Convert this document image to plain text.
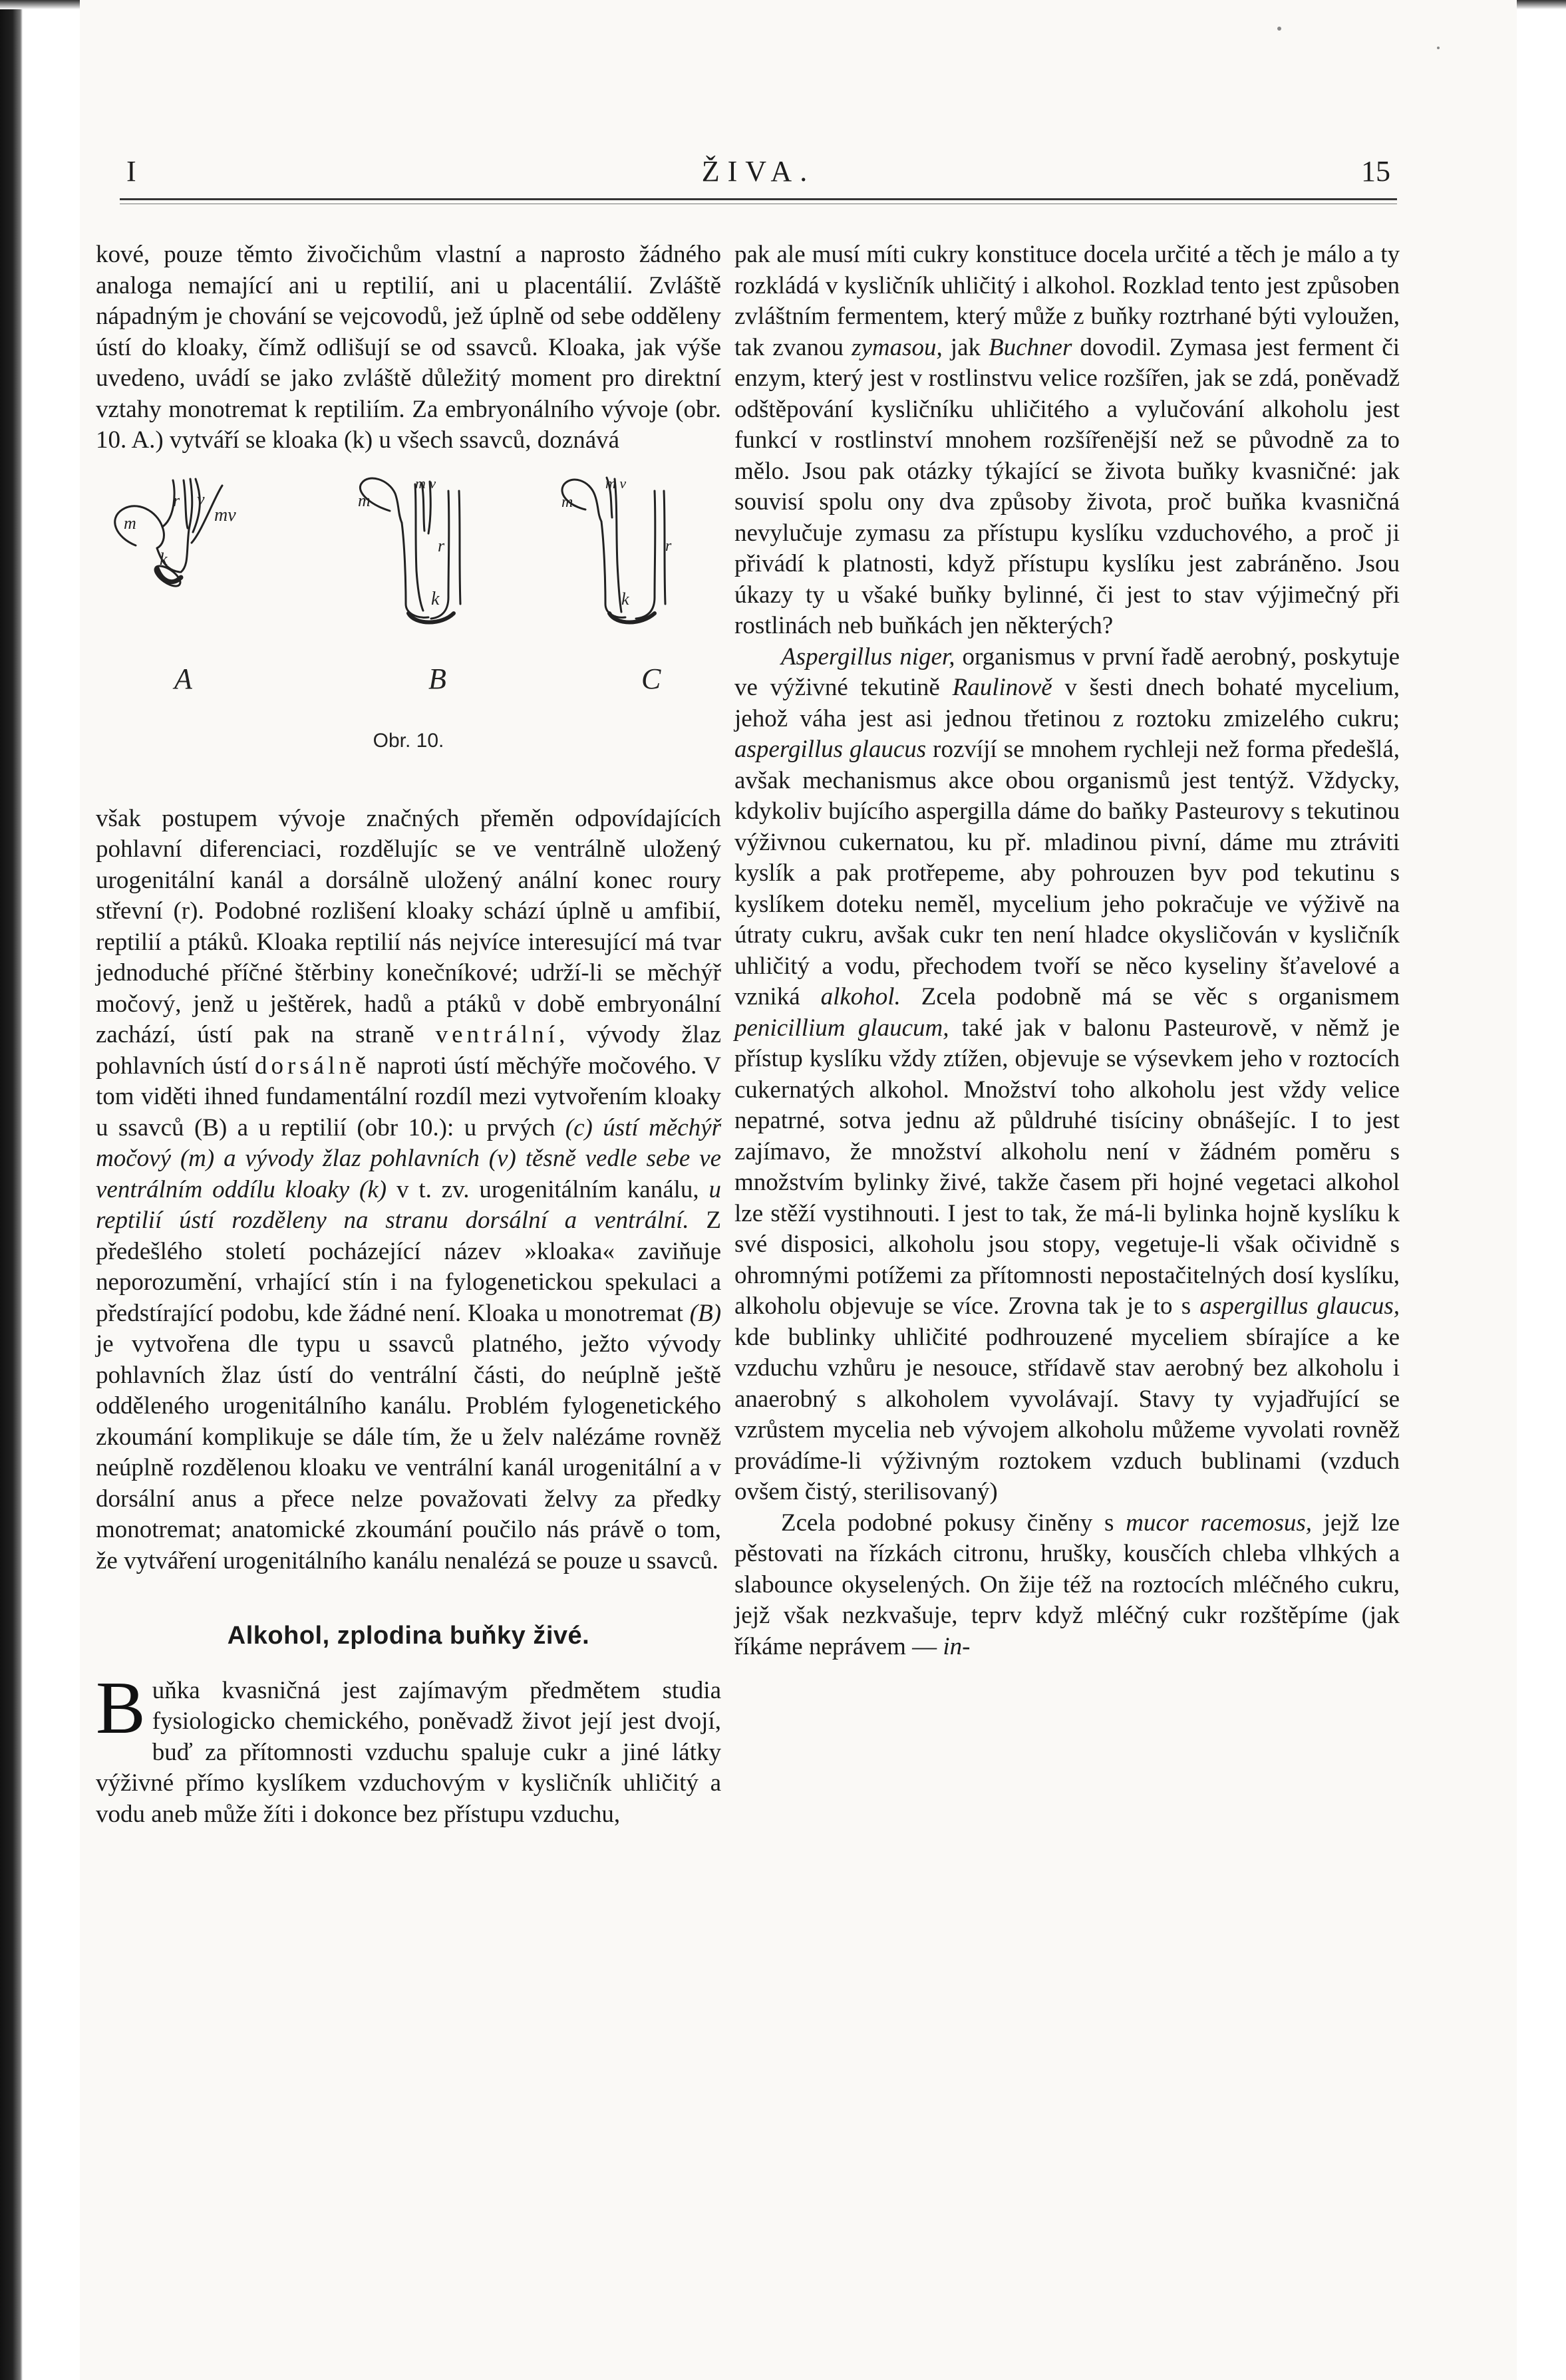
I	ŽIVA.	15

kové, pouze těmto živočichům vlastní a naprosto žádného analoga nemající ani u reptilií, ani u placentálií. Zvláště nápadným je chování se vejcovodů, jež úplně od sebe odděleny ústí do kloaky, čímž odlišují se od ssavců. Kloaka, jak výše uvedeno, uvádí se jako zvláště důležitý moment pro direktní vztahy monotremat k reptiliím. Za embryonálního vývoje (obr. 10. A.) vytváří se kloaka (k) u všech ssavců, doznává

m
r v
k
mv
m
m v
r
k
m
m v
r
k
A	B	C
Obr. 10.

však postupem vývoje značných přeměn odpovídajících pohlavní diferenciaci, rozdělujíc se ve ventrálně uložený urogenitální kanál a dorsálně uložený anální konec roury střevní (r). Podobné rozlišení kloaky schází úplně u amfibií, reptilií a ptáků. Kloaka reptilií nás nejvíce interesující má tvar jednoduché příčné štěrbiny konečníkové; udrží-li se měchýř močový, jenž u ještěrek, hadů a ptáků v době embryonální zachází, ústí pak na straně ventrální, vývody žlaz pohlavních ústí dorsálně naproti ústí měchýře močového. V tom viděti ihned fundamentální rozdíl mezi vytvořením kloaky u ssavců (B) a u reptilií (obr 10.): u prvých (c) ústí měchýř močový (m) a vývody žlaz pohlavních (v) těsně vedle sebe ve ventrálním oddílu kloaky (k) v t. zv. urogenitálním kanálu, u reptilií ústí rozděleny na stranu dorsální a ventrální. Z předešlého století pocházející název »kloaka« zaviňuje neporozumění, vrhající stín i na fylogenetickou spekulaci a předstírající podobu, kde žádné není. Kloaka u monotremat (B) je vytvořena dle typu u ssavců platného, ježto vývody pohlavních žlaz ústí do ventrální části, do neúplně ještě odděleného urogenitálního kanálu. Problém fylogenetického zkoumání komplikuje se dále tím, že u želv nalézáme rovněž neúplně rozdělenou kloaku ve ventrální kanál urogenitální a v dorsální anus a přece nelze považovati želvy za předky monotremat; anatomické zkoumání poučilo nás právě o tom, že vytváření urogenitálního kanálu nenalézá se pouze u ssavců.

Alkohol, zplodina buňky živé.

Buňka kvasničná jest zajímavým předmětem studia fysiologicko chemického, poněvadž život její jest dvojí, buď za přítomnosti vzduchu spaluje cukr a jiné látky výživné přímo kyslíkem vzduchovým v kysličník uhličitý a vodu aneb může žíti i dokonce bez přístupu vzduchu,

pak ale musí míti cukry konstituce docela určité a těch je málo a ty rozkládá v kysličník uhličitý i alkohol. Rozklad tento jest způsoben zvláštním fermentem, který může z buňky roztrhané býti vyloužen, tak zvanou zymasou, jak Buchner dovodil. Zymasa jest ferment či enzym, který jest v rostlinstvu velice rozšířen, jak se zdá, poněvadž odštěpování kysličníku uhličitého a vylučování alkoholu jest funkcí v rostlinství mnohem rozšířenější než se původně za to mělo. Jsou pak otázky týkající se života buňky kvasničné: jak souvisí spolu ony dva způsoby života, proč buňka kvasničná nevylučuje zymasu za přístupu kyslíku vzduchového, a proč ji přivádí k platnosti, když přístupu kyslíku jest zabráněno. Jsou úkazy ty u všaké buňky bylinné, či jest to stav výjimečný při rostlinách neb buňkách jen některých?

Aspergillus niger, organismus v první řadě aerobný, poskytuje ve výživné tekutině Raulinově v šesti dnech bohaté mycelium, jehož váha jest asi jednou třetinou z roztoku zmizelého cukru; aspergillus glaucus rozvíjí se mnohem rychleji než forma předešlá, avšak mechanismus akce obou organismů jest tentýž. Vždycky, kdykoliv bujícího aspergilla dáme do baňky Pasteurovy s tekutinou výživnou cukernatou, ku př. mladinou pivní, dáme mu ztráviti kyslík a pak protřepeme, aby pohrouzen byv pod tekutinu s kyslíkem doteku neměl, mycelium jeho pokračuje ve výživě na útraty cukru, avšak cukr ten není hladce okysličován v kysličník uhličitý a vodu, přechodem tvoří se něco kyseliny šťavelové a vzniká alkohol. Zcela podobně má se věc s organismem penicillium glaucum, také jak v balonu Pasteurově, v němž je přístup kyslíku vždy ztížen, objevuje se výsevkem jeho v roztocích cukernatých alkohol. Množství toho alkoholu jest vždy velice nepatrné, sotva jednu až půldruhé tisíciny obnášejíc. I to jest zajímavo, že množství alkoholu není v žádném poměru s množstvím bylinky živé, takže časem při hojné vegetaci alkohol lze stěží vystihnouti. I jest to tak, že má-li bylinka hojně kyslíku k své disposici, alkoholu jsou stopy, vegetuje-li však očividně s ohromnými potížemi za přítomnosti nepostačitelných dosí kyslíku, alkoholu objevuje se více. Zrovna tak je to s aspergillus glaucus, kde bublinky uhličité podhrouzené myceliem sbírajíce a ke vzduchu vzhůru je nesouce, střídavě stav aerobný bez alkoholu i anaerobný s alkoholem vyvolávají. Stavy ty vyjadřující se vzrůstem mycelia neb vývojem alkoholu můžeme vyvolati rovněž provádíme-li výživným roztokem vzduch bublinami (vzduch ovšem čistý, sterilisovaný)

Zcela podobné pokusy činěny s mucor racemosus, jejž lze pěstovati na řízkách citronu, hrušky, kousčích chleba vlhkých a slabounce okyselených. On žije též na roztocích mléčného cukru, jejž však nezkvašuje, teprv když mléčný cukr rozštěpíme (jak říkáme neprávem — in-
